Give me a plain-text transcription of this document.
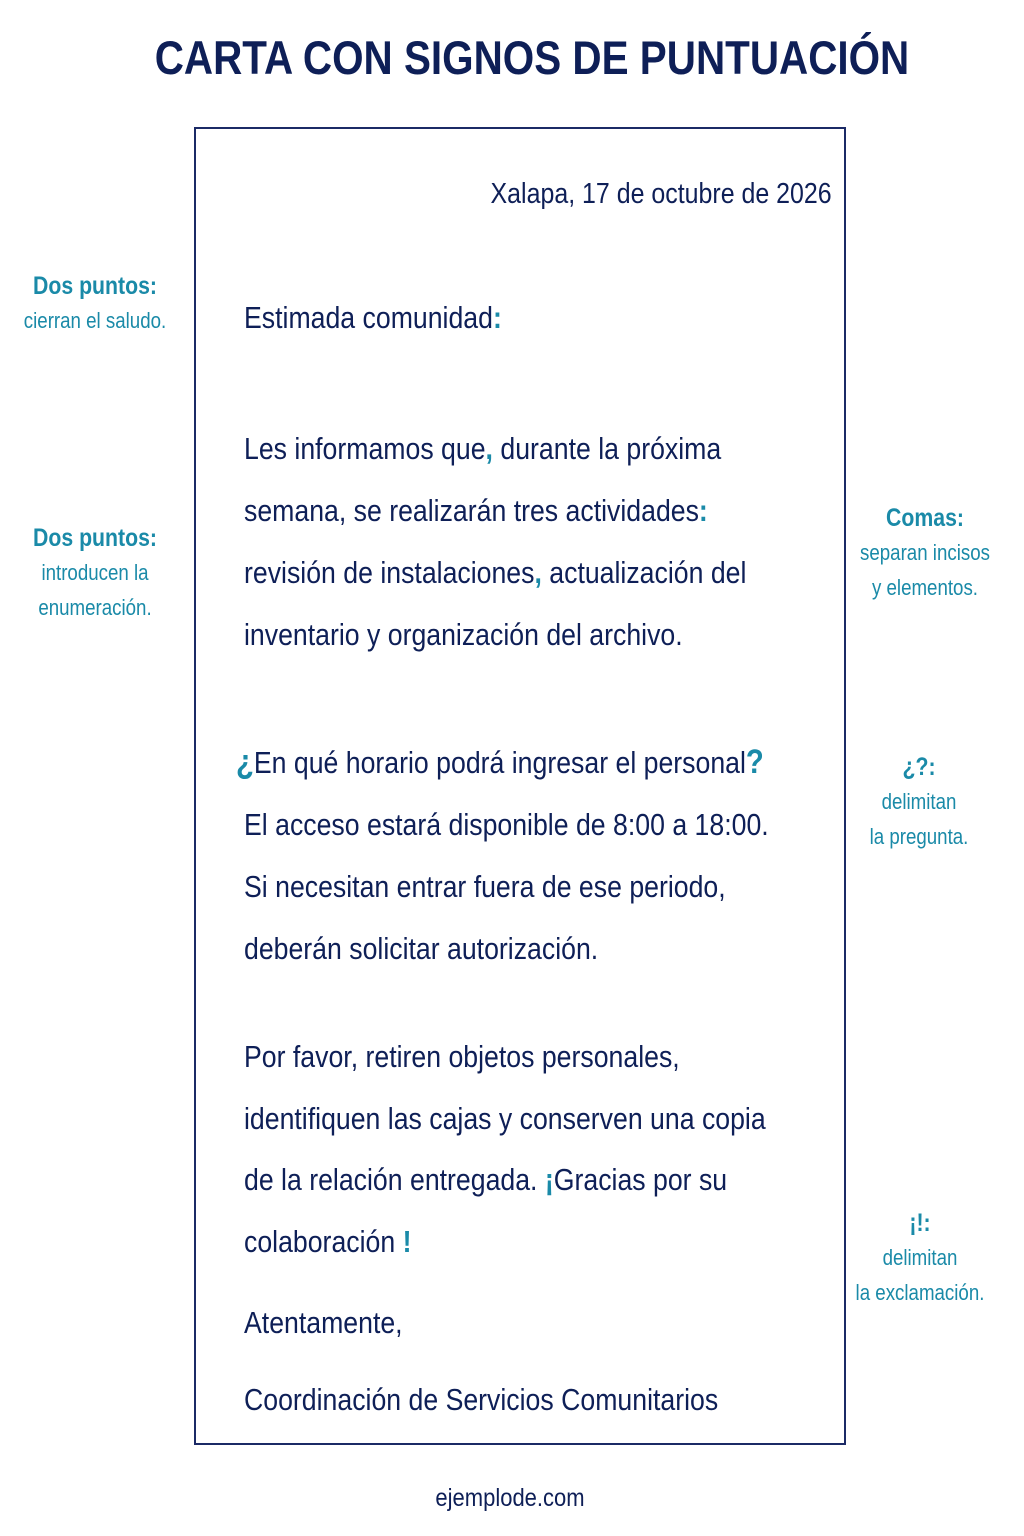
CARTA CON SIGNOS DE PUNTUACIÓN
Xalapa, 17 de octubre de 2026
Estimada comunidad:
Les informamos que, durante la próxima
semana, se realizarán tres actividades:
revisión de instalaciones, actualización del
inventario y organización del archivo.
¿En qué horario podrá ingresar el personal?
El acceso estará disponible de 8:00 a 18:00.
Si necesitan entrar fuera de ese periodo,
deberán solicitar autorización.
Por favor, retiren objetos personales,
identifiquen las cajas y conserven una copia
de la relación entregada. ¡Gracias por su
colaboración !
Atentamente,
Coordinación de Servicios Comunitarios
Dos puntos:
cierran el saludo.
Dos puntos:
introducen la
enumeración.
Comas:
separan incisos
y elementos.
¿?:
delimitan
la pregunta.
¡!:
delimitan
la exclamación.
ejemplode.com
